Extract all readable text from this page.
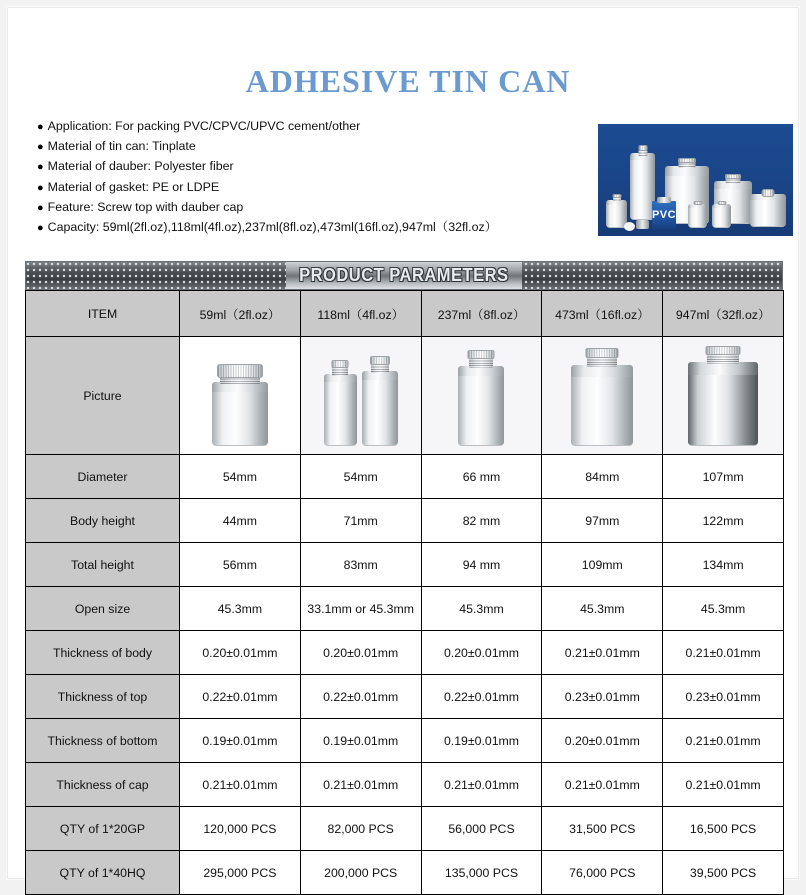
ADHESIVE TIN CAN
● Application: For packing PVC/CPVC/UPVC cement/other
● Material of tin can: Tinplate
● Material of dauber: Polyester fiber
● Material of gasket: PE or LDPE
● Feature: Screw top with dauber cap
● Capacity: 59ml(2fl.oz),118ml(4fl.oz),237ml(8fl.oz),473ml(16fl.oz),947ml（32fl.oz）
PVC
PRODUCT PARAMETERS
ITEM	59ml（2fl.oz）	118ml（4fl.oz）	237ml（8fl.oz）	473ml（16fl.oz）	947ml（32fl.oz）
Picture	

Diameter	54mm	54mm	66 mm	84mm	107mm
Body height	44mm	71mm	82 mm	97mm	122mm
Total height	56mm	83mm	94 mm	109mm	134mm
Open size	45.3mm	33.1mm or 45.3mm	45.3mm	45.3mm	45.3mm
Thickness of body	0.20±0.01mm	0.20±0.01mm	0.20±0.01mm	0.21±0.01mm	0.21±0.01mm
Thickness of top	0.22±0.01mm	0.22±0.01mm	0.22±0.01mm	0.23±0.01mm	0.23±0.01mm
Thickness of bottom	0.19±0.01mm	0.19±0.01mm	0.19±0.01mm	0.20±0.01mm	0.21±0.01mm
Thickness of cap	0.21±0.01mm	0.21±0.01mm	0.21±0.01mm	0.21±0.01mm	0.21±0.01mm
QTY of 1*20GP	120,000 PCS	82,000 PCS	56,000 PCS	31,500 PCS	16,500 PCS
QTY of 1*40HQ	295,000 PCS	200,000 PCS	135,000 PCS	76,000 PCS	39,500 PCS
